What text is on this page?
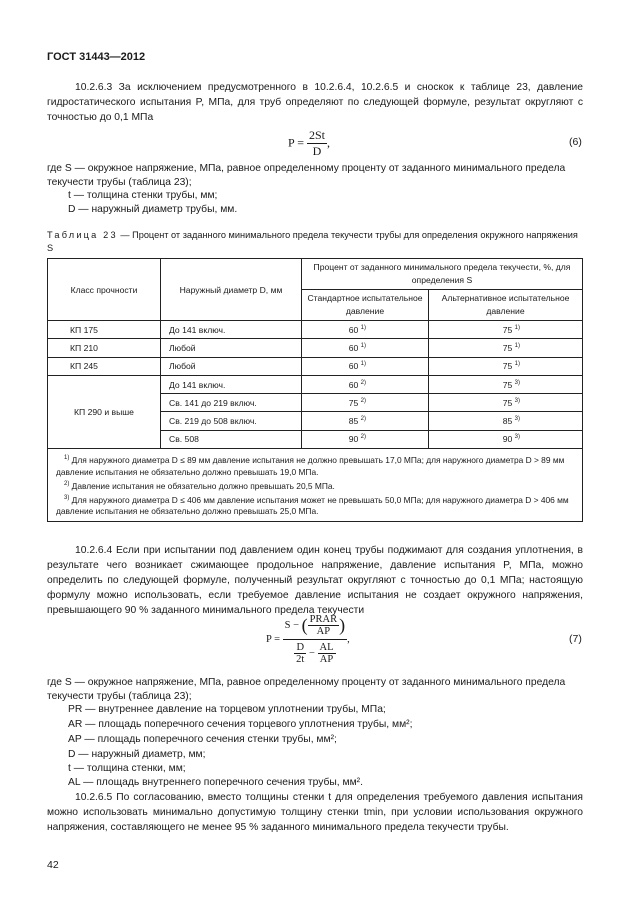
ГОСТ 31443—2012
10.2.6.3 За исключением предусмотренного в 10.2.6.4, 10.2.6.5 и сноскок к таблице 23, давление гидростатического испытания P, МПа, для труб определяют по следующей формуле, результат округляют с точностью до 0,1 МПа
$P = \frac{2St}{D}$ ,	(6)
где S — окружное напряжение, МПа, равное определенному проценту от заданного минимального предела текучести трубы (таблица 23);
t — толщина стенки трубы, мм;
D — наружный диаметр трубы, мм.
Таблица 23 — Процент от заданного минимального предела текучести трубы для определения окружного напряжения S
Класс прочности	Наружный диаметр D, мм	Процент от заданного минимального предела текучести, %, для определения S	
		Стандартное испытательное давление	Альтернативное испытательное давление
КП 175	До 141 включ.	60 $^{1)}$	75 $^{1)}$
КП 210	Любой	60 $^{1)}$	75 $^{1)}$
КП 245	Любой	60 $^{1)}$	75 $^{1)}$
КП 290 и выше	До 141 включ.	60 $^{2)}$	75 $^{3)}$
	Св. 141 до 219 включ.	75 $^{2)}$	75 $^{3)}$
	Св. 219 до 508 включ.	85 $^{2)}$	85 $^{3)}$
	Св. 508	90 $^{2)}$	90 $^{3)}$

$^{1)}$ Для наружного диаметра D ≤ 89 мм давление испытания не должно превышать 17,0 МПа; для наружного диаметра D > 89 мм давление испытания не обязательно должно превышать 19,0 МПа.
$^{2)}$ Давление испытания не обязательно должно превышать 20,5 МПа.
$^{3)}$ Для наружного диаметра D ≤ 406 мм давление испытания может не превышать 50,0 МПа; для наружного диаметра D > 406 мм давление испытания не обязательно должно превышать 25,0 МПа.			
10.2.6.4 Если при испытании под давлением один конец трубы поджимают для создания уплотнения, в результате чего возникает сжимающее продольное напряжение, давление испытания P, МПа, можно определить по следующей формуле, полученный результат округляют с точностью до 0,1 МПа; настоящую формулу можно использовать, если требуемое давление испытания не создает окружного напряжения, превышающего 90 % заданного минимального предела текучести
$P = \frac{S - ( \frac{\text{PRAR}}{AP} )}{\frac{D}{2t} - \frac{AL}{AP}}$ ,	(7)
где S — окружное напряжение, МПа, равное определенному проценту от заданного минимального предела текучести трубы (таблица 23);
PR — внутреннее давление на торцевом уплотнении трубы, МПа;
AR — площадь поперечного сечения торцевого уплотнения трубы, мм²;
AP — площадь поперечного сечения стенки трубы, мм²;
D — наружный диаметр, мм;
t — толщина стенки, мм;
AL — площадь внутреннего поперечного сечения трубы, мм².
10.2.6.5 По согласованию, вместо толщины стенки t для определения требуемого давления испытания можно использовать минимально допустимую толщину стенки tmin, при условии использования окружного напряжения, составляющего не менее 95 % заданного минимального предела текучести трубы.
42
